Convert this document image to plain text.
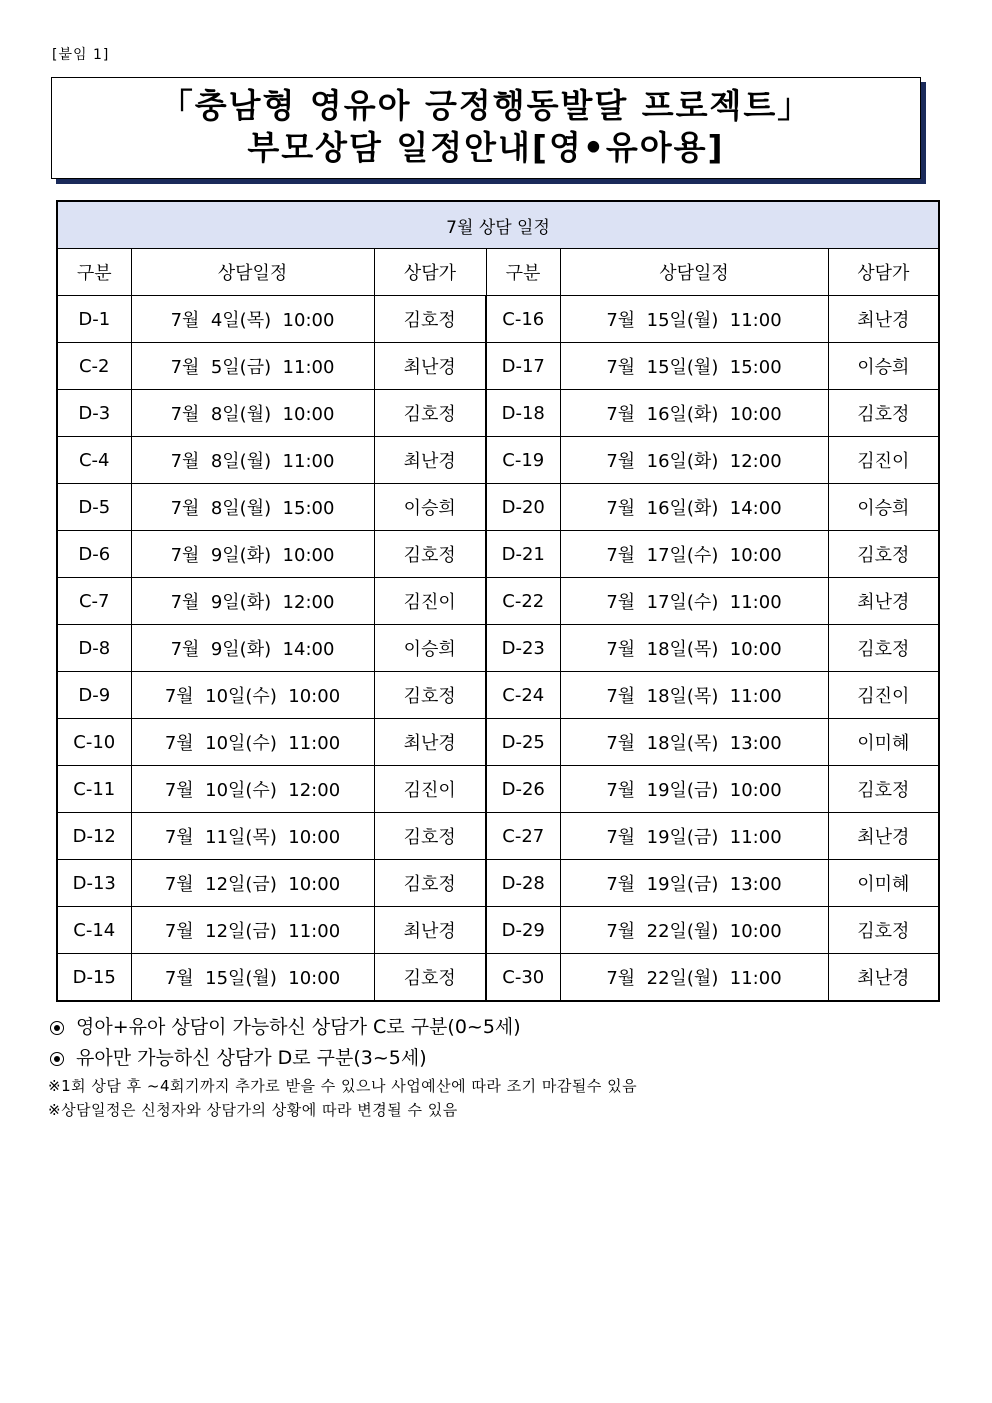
[붙임 1]
「충남형 영유아 긍정행동발달 프로젝트」
부모상담 일정안내[영•유아용]
7월 상담 일정					
구분	상담일정	상담가	구분	상담일정	상담가
D-1	7월  4일(목)  10:00	김호정	C-16	7월  15일(월)  11:00	최난경
C-2	7월  5일(금)  11:00	최난경	D-17	7월  15일(월)  15:00	이승희
D-3	7월  8일(월)  10:00	김호정	D-18	7월  16일(화)  10:00	김호정
C-4	7월  8일(월)  11:00	최난경	C-19	7월  16일(화)  12:00	김진이
D-5	7월  8일(월)  15:00	이승희	D-20	7월  16일(화)  14:00	이승희
D-6	7월  9일(화)  10:00	김호정	D-21	7월  17일(수)  10:00	김호정
C-7	7월  9일(화)  12:00	김진이	C-22	7월  17일(수)  11:00	최난경
D-8	7월  9일(화)  14:00	이승희	D-23	7월  18일(목)  10:00	김호정
D-9	7월  10일(수)  10:00	김호정	C-24	7월  18일(목)  11:00	김진이
C-10	7월  10일(수)  11:00	최난경	D-25	7월  18일(목)  13:00	이미혜
C-11	7월  10일(수)  12:00	김진이	D-26	7월  19일(금)  10:00	김호정
D-12	7월  11일(목)  10:00	김호정	C-27	7월  19일(금)  11:00	최난경
D-13	7월  12일(금)  10:00	김호정	D-28	7월  19일(금)  13:00	이미혜
C-14	7월  12일(금)  11:00	최난경	D-29	7월  22일(월)  10:00	김호정
D-15	7월  15일(월)  10:00	김호정	C-30	7월  22일(월)  11:00	최난경
영아+유아 상담이 가능하신 상담가 C로 구분(0~5세)
유아만 가능하신 상담가 D로 구분(3~5세)
※1회 상담 후 ~4회기까지 추가로 받을 수 있으나 사업예산에 따라 조기 마감될수 있음
※상담일정은 신청자와 상담가의 상황에 따라 변경될 수 있음
